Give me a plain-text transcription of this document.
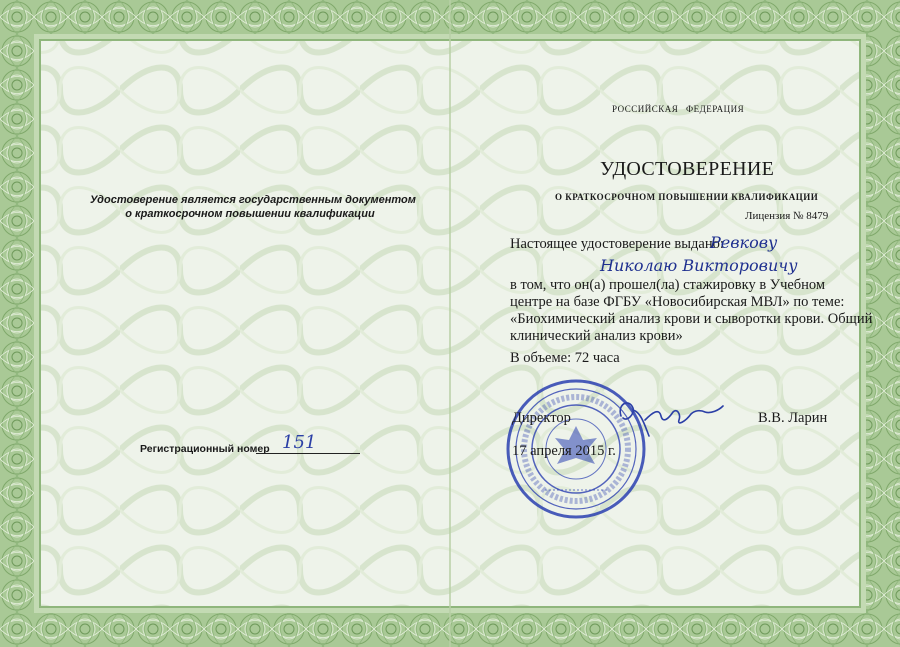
Удостоверение является государственным документом
о краткосрочном повышении квалификации
Регистрационный номер 151
РОССИЙСКАЯ ФЕДЕРАЦИЯ
УДОСТОВЕРЕНИЕ
О КРАТКОСРОЧНОМ ПОВЫШЕНИИ КВАЛИФИКАЦИИ
Лицензия № 8479
Настоящее удостоверение выдано:
Ревкову
Николаю Викторовичу
в том, что он(а) прошел(ла) стажировку в Учебном
центре на базе ФГБУ «Новосибирская МВЛ» по теме:
«Биохимический анализ крови и сыворотки крови. Общий
клинический анализ крови»
В объеме: 72 часа
Директор	В.В. Ларин
17 апреля 2015 г.
